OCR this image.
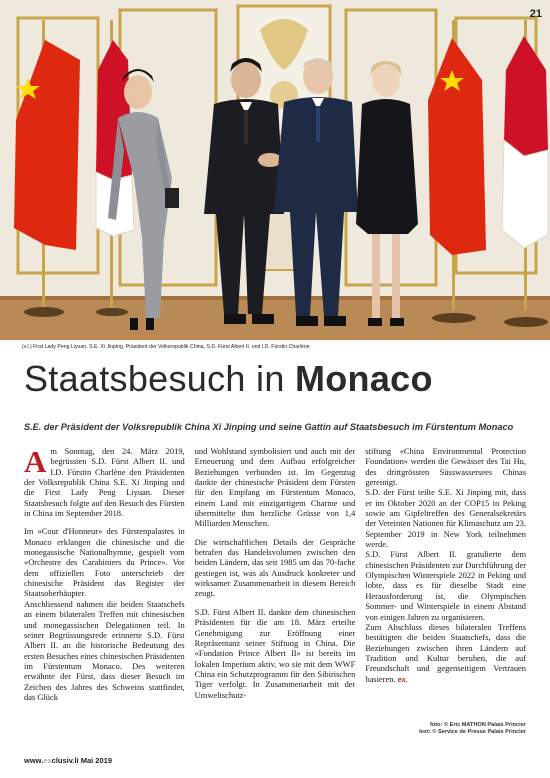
21
(v.l.) First Lady Peng Liyuan, S.E. Xi Jinping, Präsident der Volksrepublik China, S.D. Fürst Albert II. und I.D. Fürstin Charlène
Staatsbesuch in Monaco

S.E. der Präsident der Volksrepublik China Xi Jinping und seine Gattin auf Staatsbesuch im Fürstentum Monaco

Am Sonntag, den 24. März 2019, begrüssten S.D. Fürst Albert II. und I.D. Fürstin Charlène den Präsidenten der Volksrepublik China S.E. Xi Jinping und die First Lady Peng Liyuan. Dieser Staatsbesuch folgte auf den Besuch des Fürsten in China im September 2018.

Im «Cour d'Honneur» des Fürstenpalastes in Monaco erklangen die chinesische und die monegassische Nationalhymne, gespielt vom «Orchestre des Carabiniers du Prince». Vor dem offiziellen Foto unterschrieb der chinesische Präsident das Register der Staatsoberhäupter.

Anschliessend nahmen die beiden Staatschefs an einem bilateralen Treffen mit chinesischen und monegassischen Delegationen teil. In seiner Begrüssungsrede erinnerte S.D. Fürst Albert II. an die historische Bedeutung des ersten Besuches eines chinesischen Präsidenten im Fürstentum Monaco. Des weiteren erwähnte der Fürst, dass dieser Besuch im Zeichen des Jahres des Schweins stattfindet, das Glück

und Wohlstand symbolisiert und auch mit der Erneuerung und dem Aufbau erfolgreicher Beziehungen verbunden ist. Im Gegenzug dankte der chinesische Präsident dem Fürsten für den Empfang im Fürstentum Monaco, einem Land mit einzigartigem Charme und übermittelte ihm herzliche Grüsse von 1,4 Milliarden Menschen.

Die wirtschaftlichen Details der Gespräche betrafen das Handelsvolumen zwischen den beiden Ländern, das seit 1985 um das 70-fache gestiegen ist, was als Ausdruck konkreter und wirksamer Zusammenarbeit in diesem Bereich zeugt.

S.D. Fürst Albert II. dankte dem chinesischen Präsidenten für die am 18. März erteilte Genehmigung zur Eröffnung einer Repräsentanz seiner Stiftung in China. Die «Fondation Prince Albert II» ist bereits im lokalen Imperium aktiv, wo sie mit dem WWF China ein Schutzprogramm für den Sibirischen Tiger verfolgt. In Zusammenarbeit mit der Umweltschutz-

stiftung «China Environmental Protection Foundation» werden die Gewässer des Tai Hu, des drittgrössten Süsswassersees Chinas gereinigt.

S.D. der Fürst teilte S.E. Xi Jinping mit, dass er im Oktober 2020 an der COP15 in Peking sowie am Gipfeltreffen des Generalsekretärs der Vereinten Nationen für Klimaschutz am 23. September 2019 in New York teilnehmen werde.

S.D. Fürst Albert II. gratulierte dem chinesischen Präsidenten zur Durchführung der Olympischen Winterspiele 2022 in Peking und lobte, dass es für dieselbe Stadt eine Herausforderung ist, die Olympischen Sommer- und Winterspiele in einem Abstand von einigen Jahren zu organisieren.

Zum Abschluss dieses bilateralen Treffens bestätigten die beiden Staatschefs, dass die Beziehungen zwischen ihren Ländern auf Tradition und Kultur beruhen, die auf Freundschaft und gegenseitigem Vertrauen basieren. ex.

foto: © Eric MATHON Palais Princier
text: © Service de Presse Palais Princier
www.exclusiv.li Mai 2019
